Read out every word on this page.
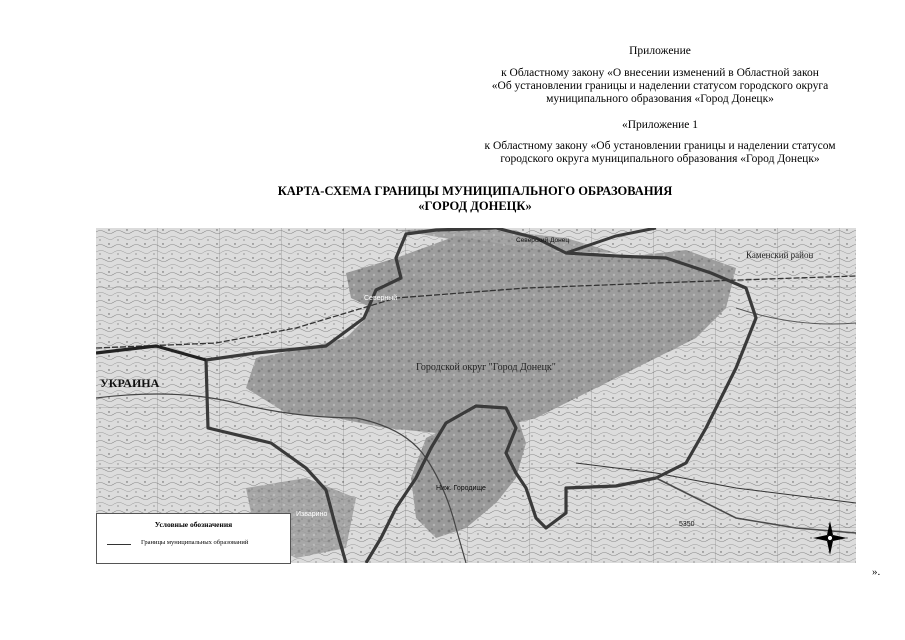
Приложение
к Областному закону «О внесении изменений в Областной закон
«Об установлении границы и наделении статусом городского округа
муниципального образования «Город Донецк»
«Приложение 1
к Областному закону «Об установлении границы и наделении статусом
городского округа муниципального образования «Город Донецк»
КАРТА-СХЕМА ГРАНИЦЫ МУНИЦИПАЛЬНОГО ОБРАЗОВАНИЯ
«ГОРОД ДОНЕЦК»
УКРАИНА
Городской округ "Город Донецк"
Каменский район
Северный
Изварино
Ниж. Городище
Северский Донец
5350
Условные обозначения
Границы муниципальных образований
».
